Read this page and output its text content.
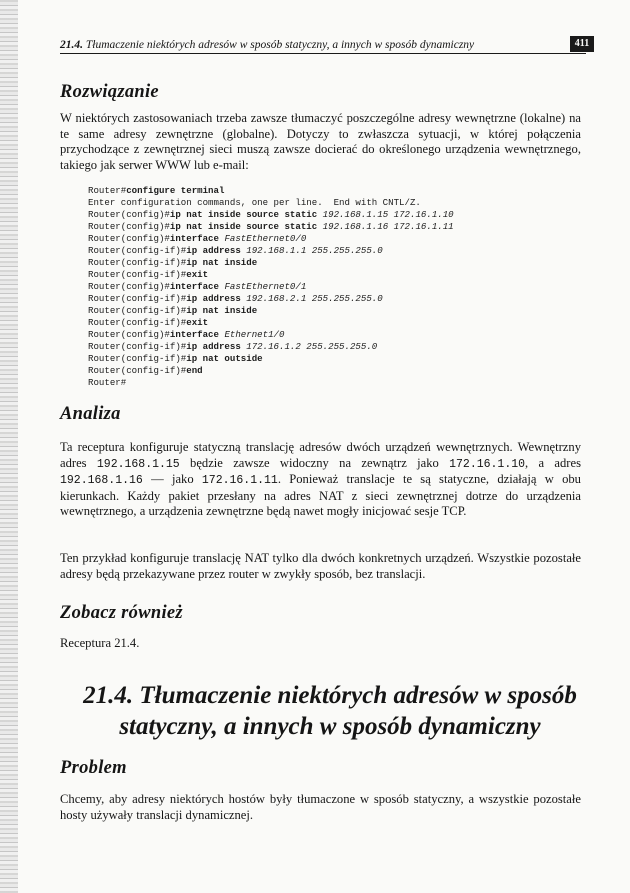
21.4. Tłumaczenie niektórych adresów w sposób statyczny, a innych w sposób dynamiczny	411
Rozwiązanie

W niektórych zastosowaniach trzeba zawsze tłumaczyć poszczególne adresy wewnętrzne (lokalne) na te same adresy zewnętrzne (globalne). Dotyczy to zwłaszcza sytuacji, w której połączenia przychodzące z zewnętrznej sieci muszą zawsze docierać do określonego urządzenia wewnętrznego, takiego jak serwer WWW lub e-mail:

Router#configure terminal
Enter configuration commands, one per line.  End with CNTL/Z.
Router(config)#ip nat inside source static 192.168.1.15 172.16.1.10
Router(config)#ip nat inside source static 192.168.1.16 172.16.1.11
Router(config)#interface FastEthernet0/0
Router(config-if)#ip address 192.168.1.1 255.255.255.0
Router(config-if)#ip nat inside
Router(config-if)#exit
Router(config)#interface FastEthernet0/1
Router(config-if)#ip address 192.168.2.1 255.255.255.0
Router(config-if)#ip nat inside
Router(config-if)#exit
Router(config)#interface Ethernet1/0
Router(config-if)#ip address 172.16.1.2 255.255.255.0
Router(config-if)#ip nat outside
Router(config-if)#end
Router#
Analiza

Ta receptura konfiguruje statyczną translację adresów dwóch urządzeń wewnętrznych. Wewnętrzny adres 192.168.1.15 będzie zawsze widoczny na zewnątrz jako 172.16.1.10, a adres 192.168.1.16 — jako 172.16.1.11. Ponieważ translacje te są statyczne, działają w obu kierunkach. Każdy pakiet przesłany na adres NAT z sieci zewnętrznej dotrze do urządzenia wewnętrznego, a urządzenia zewnętrzne będą nawet mogły inicjować sesje TCP.

Ten przykład konfiguruje translację NAT tylko dla dwóch konkretnych urządzeń. Wszystkie pozostałe adresy będą przekazywane przez router w zwykły sposób, bez translacji.

Zobacz również

Receptura 21.4.

21.4. Tłumaczenie niektórych adresów w sposób
statyczny, a innych w sposób dynamiczny
Problem

Chcemy, aby adresy niektórych hostów były tłumaczone w sposób statyczny, a wszystkie pozostałe hosty używały translacji dynamicznej.
